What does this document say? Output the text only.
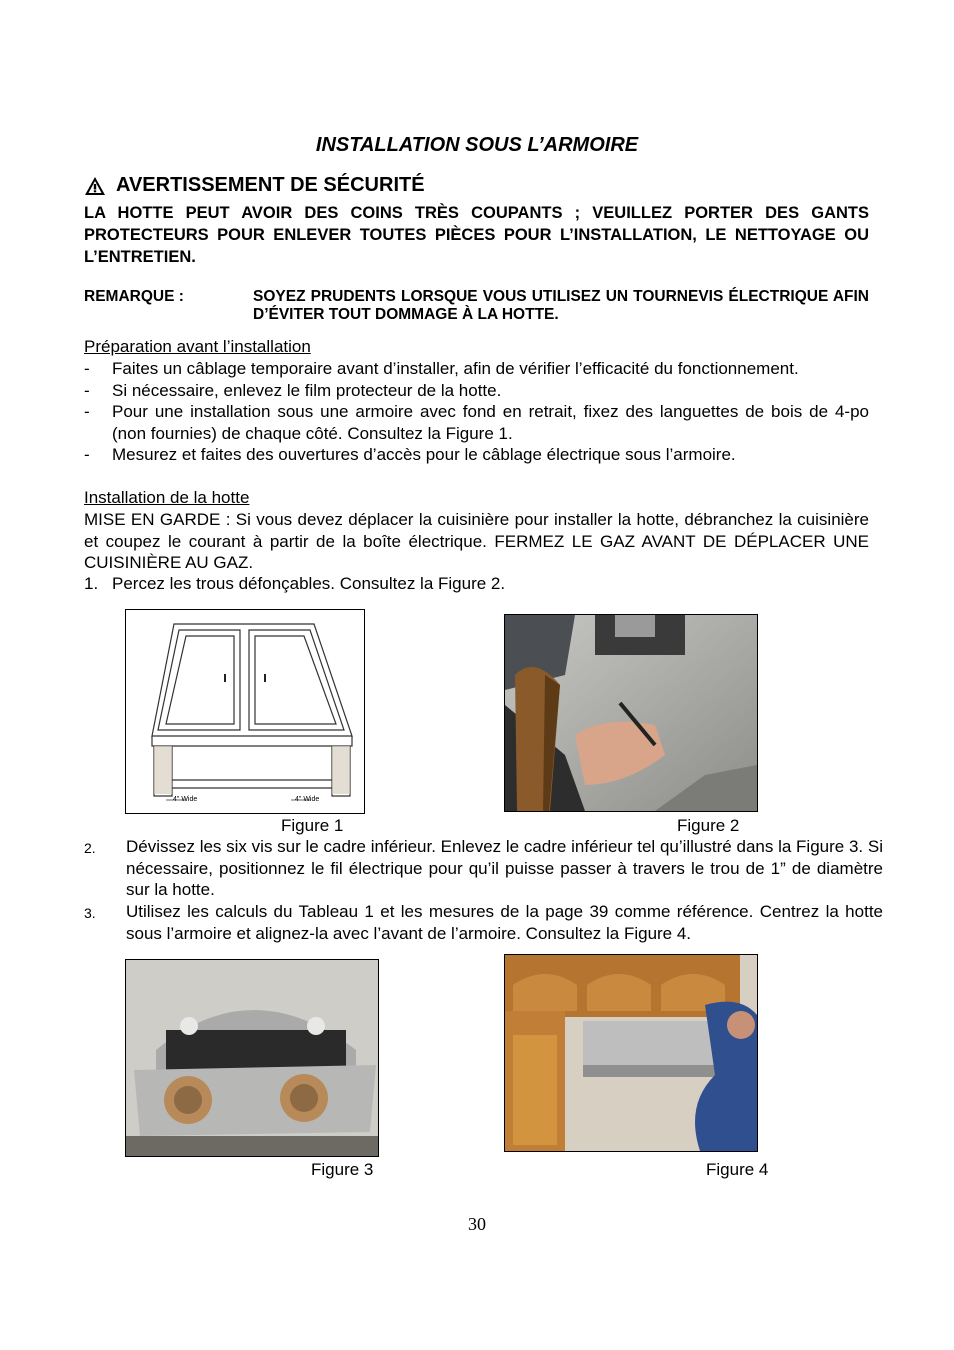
INSTALLATION SOUS L’ARMOIRE
AVERTISSEMENT DE SÉCURITÉ
LA HOTTE PEUT AVOIR DES COINS TRÈS COUPANTS ; VEUILLEZ PORTER DES GANTS PROTECTEURS POUR ENLEVER TOUTES PIÈCES POUR L’INSTALLATION, LE NETTOYAGE OU L’ENTRETIEN.
REMARQUE :	SOYEZ PRUDENTS LORSQUE VOUS UTILISEZ UN TOURNEVIS ÉLECTRIQUE AFIN D’ÉVITER TOUT DOMMAGE À LA HOTTE.
Préparation avant l’installation
- Faites un câblage temporaire avant d’installer, afin de vérifier l’efficacité du fonctionnement.
- Si nécessaire, enlevez le film protecteur de la hotte.
- Pour une installation sous une armoire avec fond en retrait, fixez des languettes de bois de 4-po (non fournies) de chaque côté. Consultez la Figure 1.
- Mesurez et faites des ouvertures d’accès pour le câblage électrique sous l’armoire.
Installation de la hotte
MISE EN GARDE : Si vous devez déplacer la cuisinière pour installer la hotte, débranchez la cuisinière et coupez le courant à partir de la boîte électrique. FERMEZ LE GAZ AVANT DE DÉPLACER UNE CUISINIÈRE AU GAZ.
1. Percez les trous défonçables. Consultez la Figure 2.
4" Wide	4" Wide
Figure 1	Figure 2
Dévissez les six vis sur le cadre inférieur. Enlevez le cadre inférieur tel qu’illustré dans la Figure 3. Si nécessaire, positionnez le fil électrique pour qu’il puisse passer à travers le trou de 1” de diamètre sur la hotte.
2.
Utilisez les calculs du Tableau 1 et les mesures de la page 39 comme référence. Centrez la hotte sous l’armoire et alignez-la avec l’avant de l’armoire. Consultez la Figure 4.
3.
Figure 3	Figure 4
30
